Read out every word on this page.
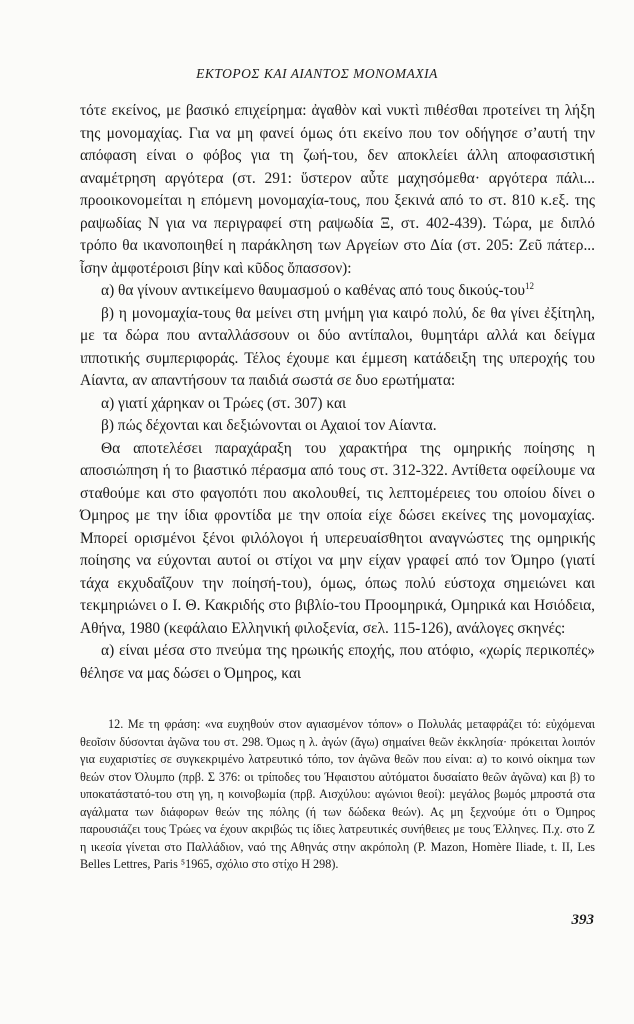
ΕΚΤΟΡΟΣ ΚΑΙ ΑΙΑΝΤΟΣ ΜΟΝΟΜΑΧΙΑ

τότε εκείνος, με βασικό επιχείρημα: ἀγαθὸν καὶ νυκτὶ πιθέσθαι προτείνει τη λήξη της μονομαχίας. Για να μη φανεί όμως ότι εκείνο που τον οδήγησε σ’αυτή την απόφαση είναι ο φόβος για τη ζωή-του, δεν αποκλείει άλλη αποφασιστική αναμέτρηση αργότερα (στ. 291: ὕστερον αὖτε μαχησόμεθα· αργότερα πάλι... προοικονομείται η επόμενη μονομαχία-τους, που ξεκινά από το στ. 810 κ.εξ. της ραψωδίας Ν για να περιγραφεί στη ραψωδία Ξ, στ. 402-439). Τώρα, με διπλό τρόπο θα ικανοποιηθεί η παράκληση των Αργείων στο Δία (στ. 205: Ζεῦ πάτερ... ἶσην ἀμφοτέροισι βίην καὶ κῦδος ὄπασσον):

α) θα γίνουν αντικείμενο θαυμασμού ο καθένας από τους δικούς-του$^{12}$

β) η μονομαχία-τους θα μείνει στη μνήμη για καιρό πολύ, δε θα γίνει ἐξίτηλη, με τα δώρα που ανταλλάσσουν οι δύο αντίπαλοι, θυμητάρι αλλά και δείγμα ιπποτικής συμπεριφοράς. Τέλος έχουμε και έμμεση κατάδειξη της υπεροχής του Αίαντα, αν απαντήσουν τα παιδιά σωστά σε δυο ερωτήματα:

α) γιατί χάρηκαν οι Τρώες (στ. 307) και

β) πώς δέχονται και δεξιώνονται οι Αχαιοί τον Αίαντα.

Θα αποτελέσει παραχάραξη του χαρακτήρα της ομηρικής ποίησης η αποσιώπηση ή το βιαστικό πέρασμα από τους στ. 312-322. Αντίθετα οφείλουμε να σταθούμε και στο φαγοπότι που ακολουθεί, τις λεπτομέρειες του οποίου δίνει ο Όμηρος με την ίδια φροντίδα με την οποία είχε δώσει εκείνες της μονομαχίας. Μπορεί ορισμένοι ξένοι φιλόλογοι ή υπερευαίσθητοι αναγνώστες της ομηρικής ποίησης να εύχονται αυτοί οι στίχοι να μην είχαν γραφεί από τον Όμηρο (γιατί τάχα εκχυδαΐζουν την ποίησή-του), όμως, όπως πολύ εύστοχα σημειώνει και τεκμηριώνει ο Ι. Θ. Κακριδής στο βιβλίο-του Προομηρικά, Ομηρικά και Ησιόδεια, Αθήνα, 1980 (κεφάλαιο Ελληνική φιλοξενία, σελ. 115-126), ανάλογες σκηνές:

α) είναι μέσα στο πνεύμα της ηρωικής εποχής, που ατόφιο, «χωρίς περικοπές» θέλησε να μας δώσει ο Όμηρος, και

12. Με τη φράση: «να ευχηθούν στον αγιασμένον τόπον» ο Πολυλάς μεταφράζει τό: εὐχόμεναι θεοῖσιν δύσονται ἀγῶνα του στ. 298. Όμως η λ. ἀγών (ἄγω) σημαίνει θεῶν ἐκκλησία· πρόκειται λοιπόν για ευχαριστίες σε συγκεκριμένο λατρευτικό τόπο, τον ἀγῶνα θεῶν που είναι: α) το κοινό οίκημα των θεών στον Όλυμπο (πρβ. Σ 376: οι τρίποδες του Ήφαιστου αὐτόματοι δυσαίατο θεῶν ἀγῶνα) και β) το υποκατάστατό-του στη γη, η κοινοβωμία (πρβ. Αισχύλου: αγώνιοι θεοί): μεγάλος βωμός μπροστά στα αγάλματα των διάφορων θεών της πόλης (ή των δώδεκα θεών). Ας μη ξεχνούμε ότι ο Όμηρος παρουσιάζει τους Τρώες να έχουν ακριβώς τις ίδιες λατρευτικές συνήθειες με τους Έλληνες. Π.χ. στο Ζ η ικεσία γίνεται στο Παλλάδιον, ναό της Αθηνάς στην ακρόπολη (P. Mazon, Homère Iliade, t. II, Les Belles Lettres, Paris ⁵1965, σχόλιο στο στίχο Η 298).

393
